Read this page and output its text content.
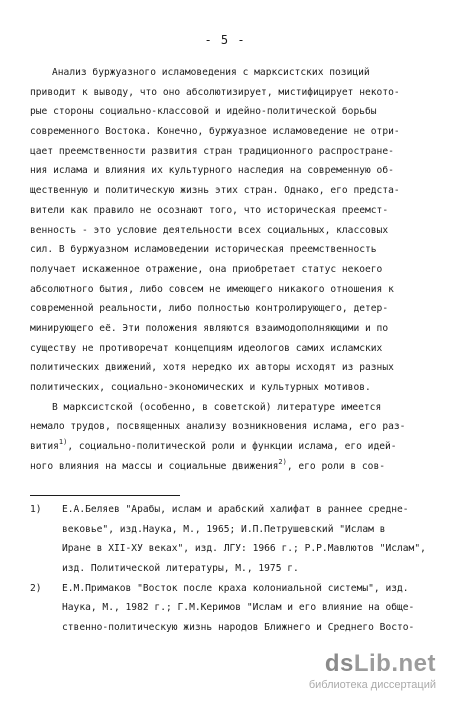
- 5 -
Анализ буржуазного исламоведения с марксистских позиций
приводит к выводу, что оно абсолютизирует, мистифицирует некото-
рые стороны социально-классовой и идейно-политической борьбы
современного Востока. Конечно, буржуазное исламоведение не отри-
цает преемственности развития стран традиционного распростране-
ния ислама и влияния их культурного наследия на современную об-
щественную и политическую жизнь этих стран. Однако, его предста-
вители как правило не осознают того, что историческая преемст-
венность - это условие деятельности всех социальных, классовых
сил. В буржуазном исламоведении историческая преемственность
получает искаженное отражение, она приобретает статус некоего
абсолютного бытия, либо совсем не имеющего никакого отношения к
современной реальности, либо полностью контролирующего, детер-
минирующего её. Эти положения являются взаимодополняющими и по
существу не противоречат концепциям идеологов самих исламских
политических движений, хотя нередко их авторы исходят из разных
политических, социально-экономических и культурных мотивов.
В марксистской (особенно, в советской) литературе имеется
немало трудов, посвященных анализу возникновения ислама, его раз-
вития$^{1)}$, социально-политической роли и функции ислама, его идей-
ного влияния на массы и социальные движения$^{2)}$, его роли в сов-
1) Е.А.Беляев "Арабы, ислам и арабский халифат в раннее средне-
вековье", изд.Наука, М., 1965; И.П.Петрушевский "Ислам в
Иране в XII-XУ веках", изд. ЛГУ: 1966 г.; Р.Р.Мавлютов "Ислам",
изд. Политической литературы, М., 1975 г.
2) Е.М.Примаков "Восток после краха колониальной системы", изд.
Наука, М., 1982 г.; Г.М.Керимов "Ислам и его влияние на обще-
ственно-политическую жизнь народов Ближнего и Среднего Восто-
dsLib.net
библиотека диссертаций
